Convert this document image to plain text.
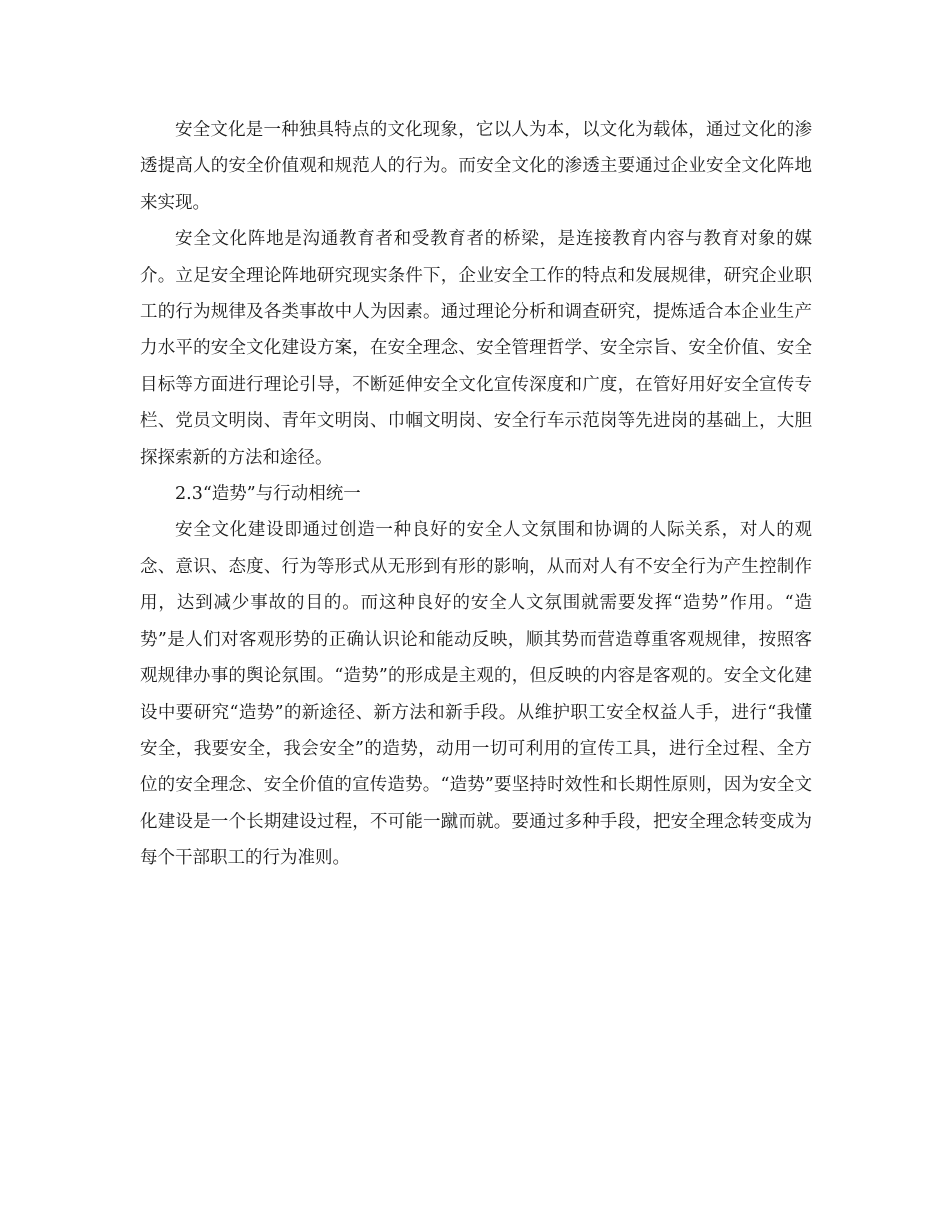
安全文化是一种独具特点的文化现象，它以人为本，以文化为载体，通过文化的渗透提高人的安全价值观和规范人的行为。而安全文化的渗透主要通过企业安全文化阵地来实现。

安全文化阵地是沟通教育者和受教育者的桥梁，是连接教育内容与教育对象的媒介。立足安全理论阵地研究现实条件下，企业安全工作的特点和发展规律，研究企业职工的行为规律及各类事故中人为因素。通过理论分析和调查研究，提炼适合本企业生产力水平的安全文化建设方案，在安全理念、安全管理哲学、安全宗旨、安全价值、安全目标等方面进行理论引导，不断延伸安全文化宣传深度和广度，在管好用好安全宣传专栏、党员文明岗、青年文明岗、巾帼文明岗、安全行车示范岗等先进岗的基础上，大胆探探索新的方法和途径。

2.3“造势”与行动相统一

安全文化建设即通过创造一种良好的安全人文氛围和协调的人际关系，对人的观念、意识、态度、行为等形式从无形到有形的影响，从而对人有不安全行为产生控制作用，达到减少事故的目的。而这种良好的安全人文氛围就需要发挥“造势”作用。“造势”是人们对客观形势的正确认识论和能动反映，顺其势而营造尊重客观规律，按照客观规律办事的舆论氛围。“造势”的形成是主观的，但反映的内容是客观的。安全文化建设中要研究“造势”的新途径、新方法和新手段。从维护职工安全权益人手，进行“我懂安全，我要安全，我会安全”的造势，动用一切可利用的宣传工具，进行全过程、全方位的安全理念、安全价值的宣传造势。“造势”要坚持时效性和长期性原则，因为安全文化建设是一个长期建设过程，不可能一蹴而就。要通过多种手段，把安全理念转变成为每个干部职工的行为准则。
